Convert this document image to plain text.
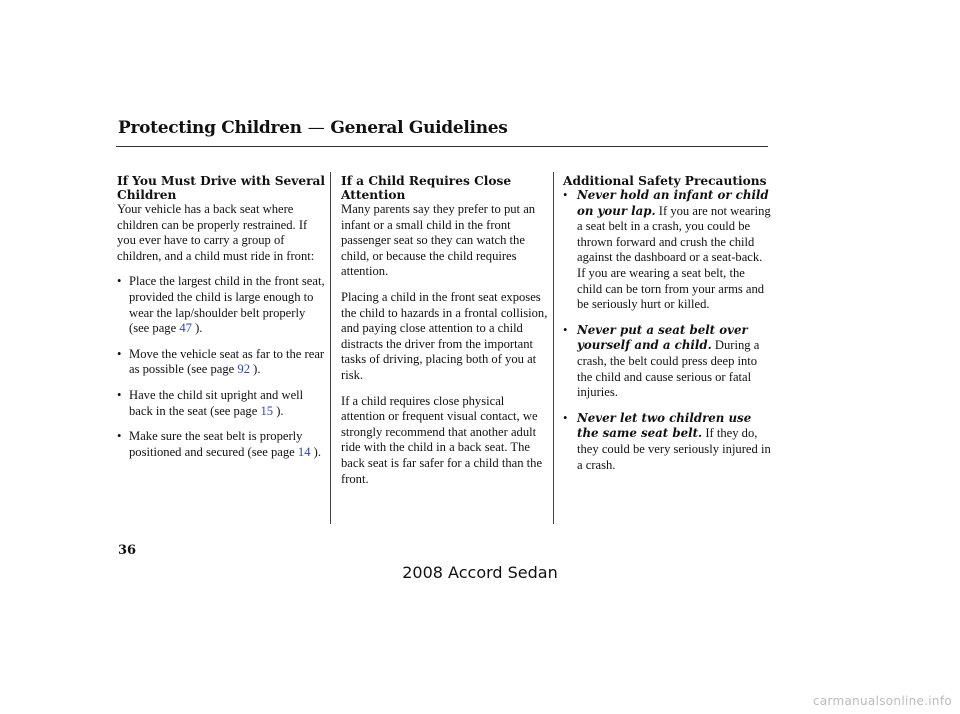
Protecting Children — General Guidelines
If You Must Drive with Several Children

Your vehicle has a back seat where children can be properly restrained. If you ever have to carry a group of children, and a child must ride in front:

• Place the largest child in the front seat, provided the child is large enough to wear the lap/shoulder belt properly (see page 47 ).
• Move the vehicle seat as far to the rear as possible (see page 92 ).
• Have the child sit upright and well back in the seat (see page 15 ).
• Make sure the seat belt is properly positioned and secured (see page 14 ).
If a Child Requires Close Attention

Many parents say they prefer to put an infant or a small child in the front passenger seat so they can watch the child, or because the child requires attention.

Placing a child in the front seat exposes the child to hazards in a frontal collision, and paying close attention to a child distracts the driver from the important tasks of driving, placing both of you at risk.

If a child requires close physical attention or frequent visual contact, we strongly recommend that another adult ride with the child in a back seat. The back seat is far safer for a child than the front.

Additional Safety Precautions
• Never hold an infant or child on your lap. If you are not wearing a seat belt in a crash, you could be thrown forward and crush the child against the dashboard or a seat-back. If you are wearing a seat belt, the child can be torn from your arms and be seriously hurt or killed.
• Never put a seat belt over yourself and a child. During a crash, the belt could press deep into the child and cause serious or fatal injuries.
• Never let two children use the same seat belt. If they do, they could be very seriously injured in a crash.
36
2008 Accord Sedan
carmanualsonline.info
